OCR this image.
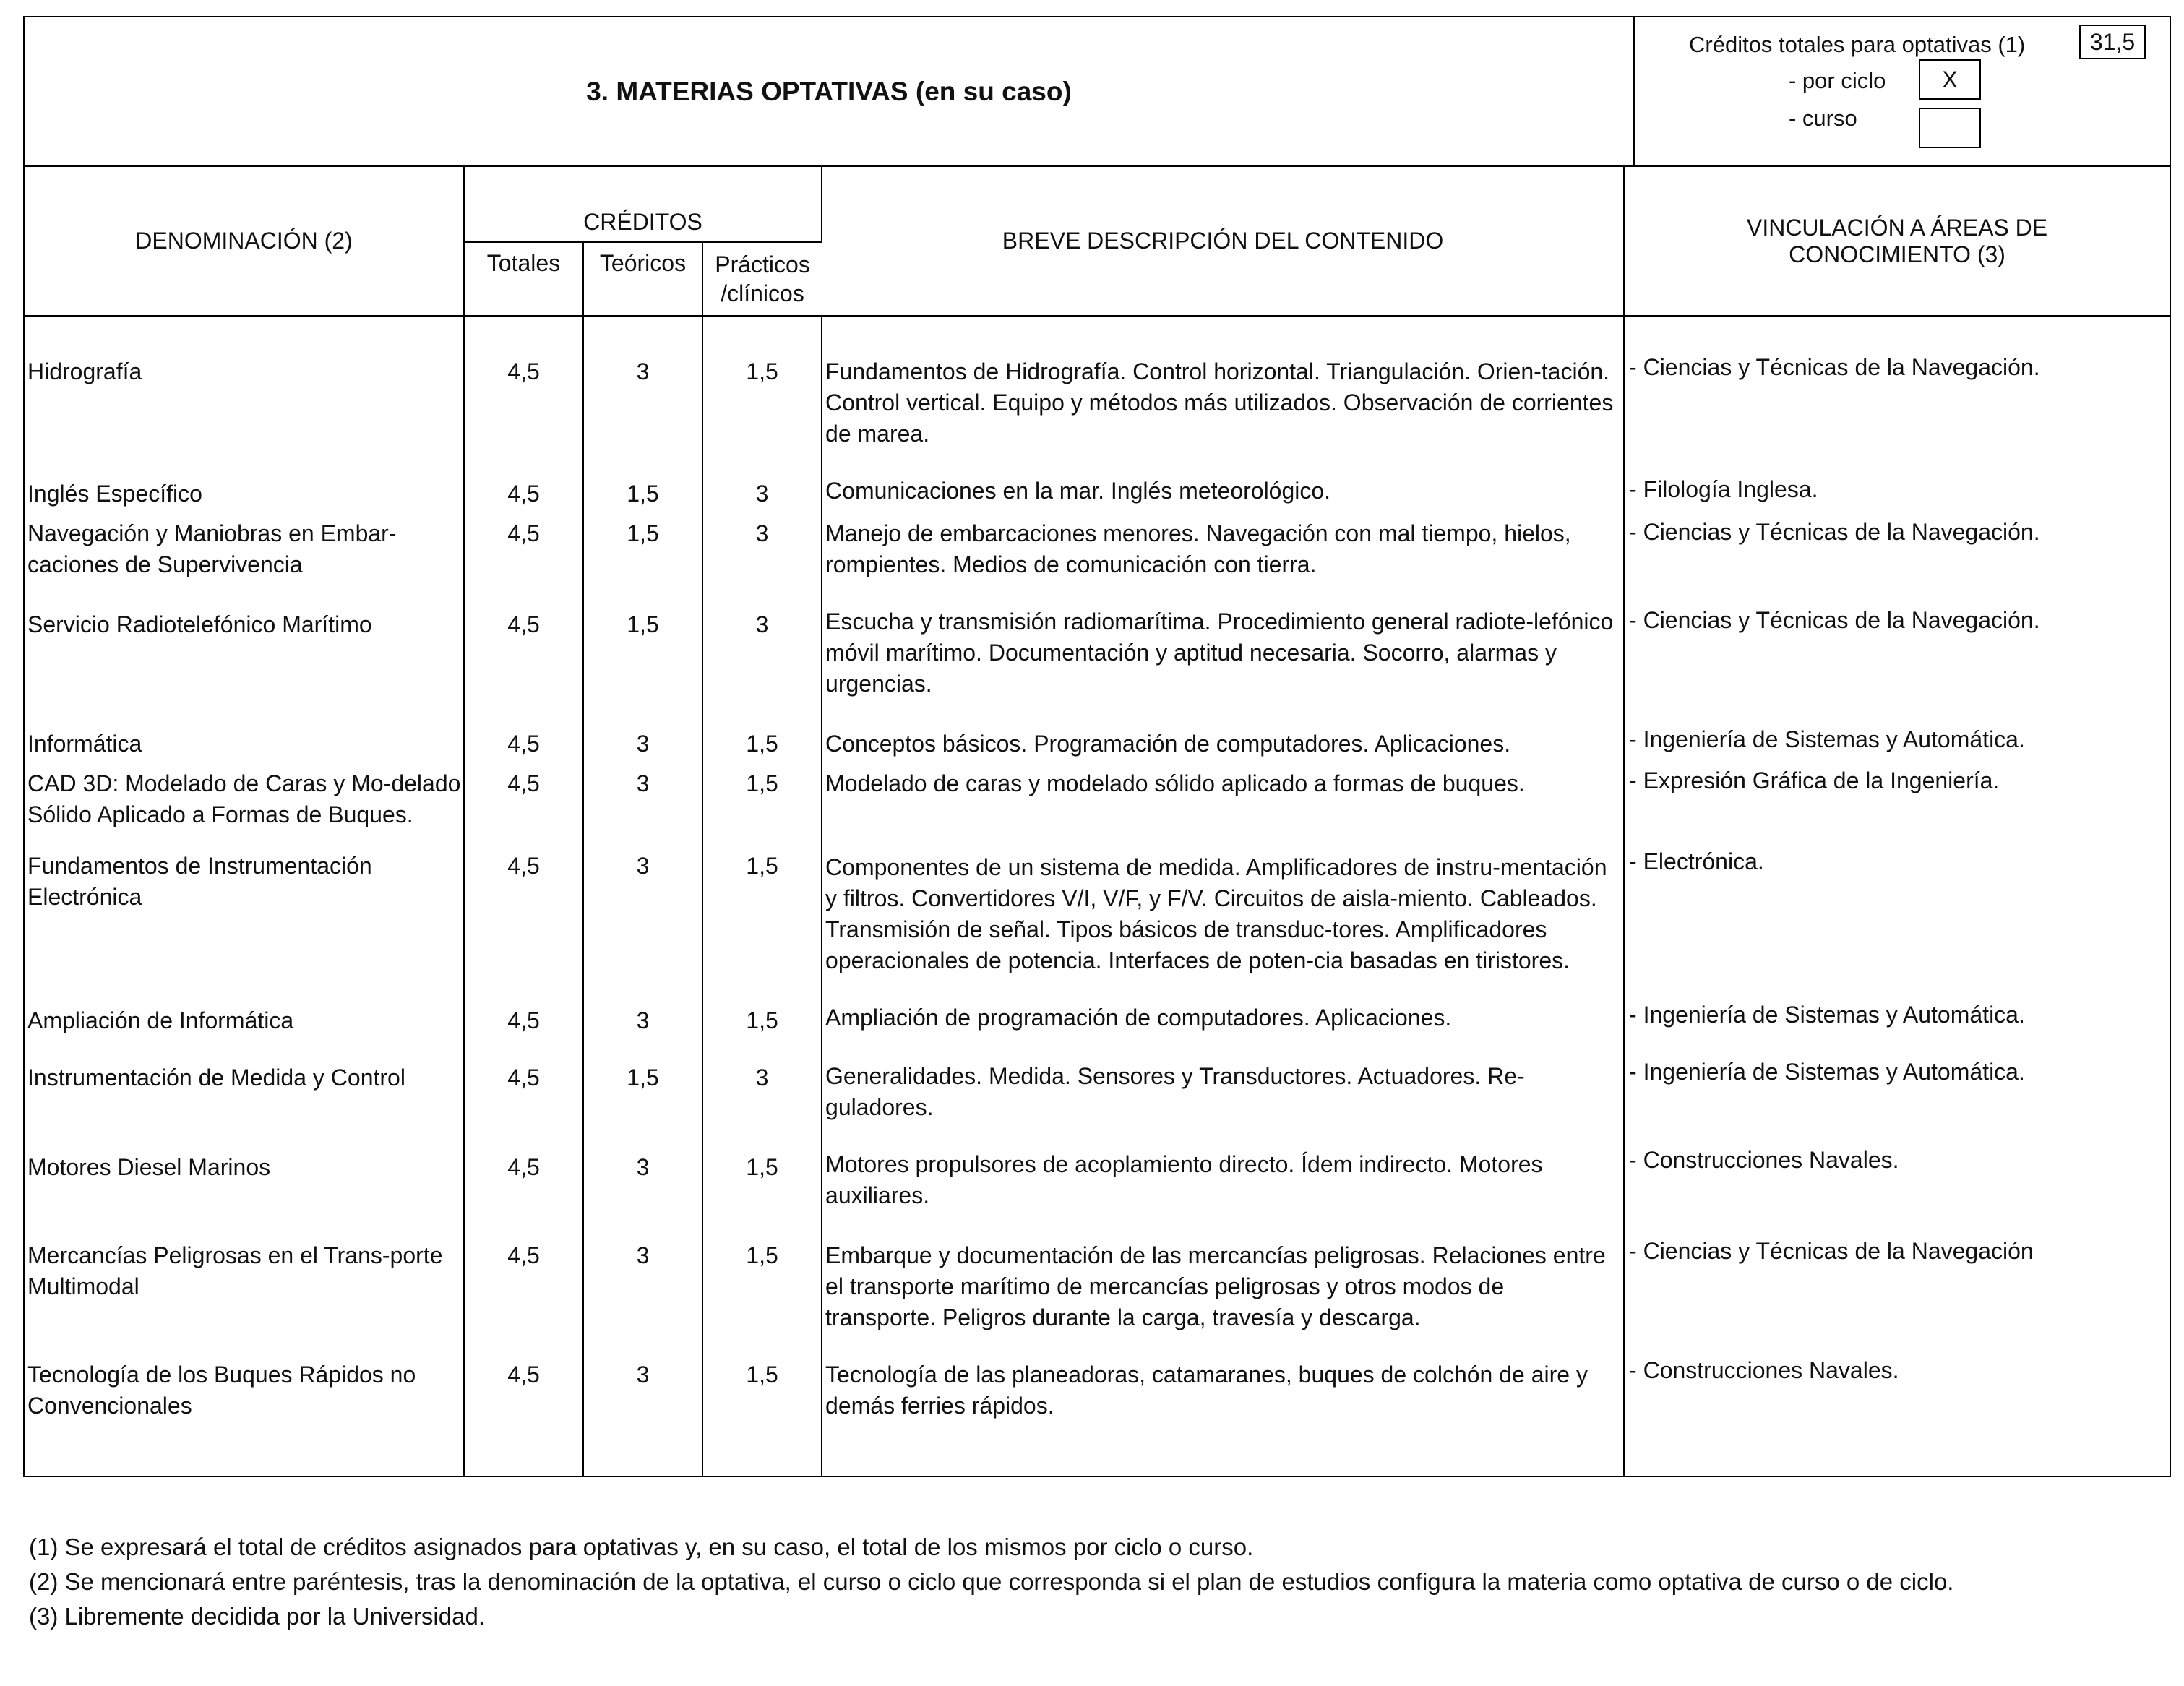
3. MATERIAS OPTATIVAS (en su caso)
Créditos totales para optativas (1)	31,5
- por ciclo	X
- curso
DENOMINACIÓN (2)	CRÉDITOS			BREVE DESCRIPCIÓN DEL CONTENIDO	VINCULACIÓN A ÁREAS DE CONOCIMIENTO (3)
	Totales	Teóricos	Prácticos /clínicos		

Hidrografía	4,5	3	1,5	Fundamentos de Hidrografía. Control horizontal. Triangulación. Orien-tación. Control vertical. Equipo y métodos más utilizados. Observación de corrientes de marea.	- Ciencias y Técnicas de la Navegación.
Inglés Específico	4,5	1,5	3	Comunicaciones en la mar. Inglés meteorológico.	- Filología Inglesa.
Navegación y Maniobras en Embar-caciones de Supervivencia	4,5	1,5	3	Manejo de embarcaciones menores. Navegación con mal tiempo, hielos, rompientes. Medios de comunicación con tierra.	- Ciencias y Técnicas de la Navegación.
Servicio Radiotelefónico Marítimo	4,5	1,5	3	Escucha y transmisión radiomarítima. Procedimiento general radiote-lefónico móvil marítimo. Documentación y aptitud necesaria. Socorro, alarmas y urgencias.	- Ciencias y Técnicas de la Navegación.
Informática	4,5	3	1,5	Conceptos básicos. Programación de computadores. Aplicaciones.	- Ingeniería de Sistemas y Automática.
CAD 3D: Modelado de Caras y Mo-delado Sólido Aplicado a Formas de Buques.	4,5	3	1,5	Modelado de caras y modelado sólido aplicado a formas de buques.	- Expresión Gráfica de la Ingeniería.
Fundamentos de Instrumentación Electrónica	4,5	3	1,5	Componentes de un sistema de medida. Amplificadores de instru-mentación y filtros. Convertidores V/I, V/F, y F/V. Circuitos de aisla-miento. Cableados. Transmisión de señal. Tipos básicos de transduc-tores. Amplificadores operacionales de potencia. Interfaces de poten-cia basadas en tiristores.	- Electrónica.
Ampliación de Informática	4,5	3	1,5	Ampliación de programación de computadores. Aplicaciones.	- Ingeniería de Sistemas y Automática.
Instrumentación de Medida y Control	4,5	1,5	3	Generalidades. Medida. Sensores y Transductores. Actuadores. Re-guladores.	- Ingeniería de Sistemas y Automática.
Motores Diesel Marinos	4,5	3	1,5	Motores propulsores de acoplamiento directo. Ídem indirecto. Motores auxiliares.	- Construcciones Navales.
Mercancías Peligrosas en el Trans-porte Multimodal	4,5	3	1,5	Embarque y documentación de las mercancías peligrosas. Relaciones entre el transporte marítimo de mercancías peligrosas y otros modos de transporte. Peligros durante la carga, travesía y descarga.	- Ciencias y Técnicas de la Navegación
Tecnología de los Buques Rápidos no Convencionales	4,5	3	1,5	Tecnología de las planeadoras, catamaranes, buques de colchón de aire y demás ferries rápidos.	- Construcciones Navales.

(1) Se expresará el total de créditos asignados para optativas y, en su caso, el total de los mismos por ciclo o curso.

(2) Se mencionará entre paréntesis, tras la denominación de la optativa, el curso o ciclo que corresponda si el plan de estudios configura la materia como optativa de curso o de ciclo.

(3) Libremente decidida por la Universidad.
